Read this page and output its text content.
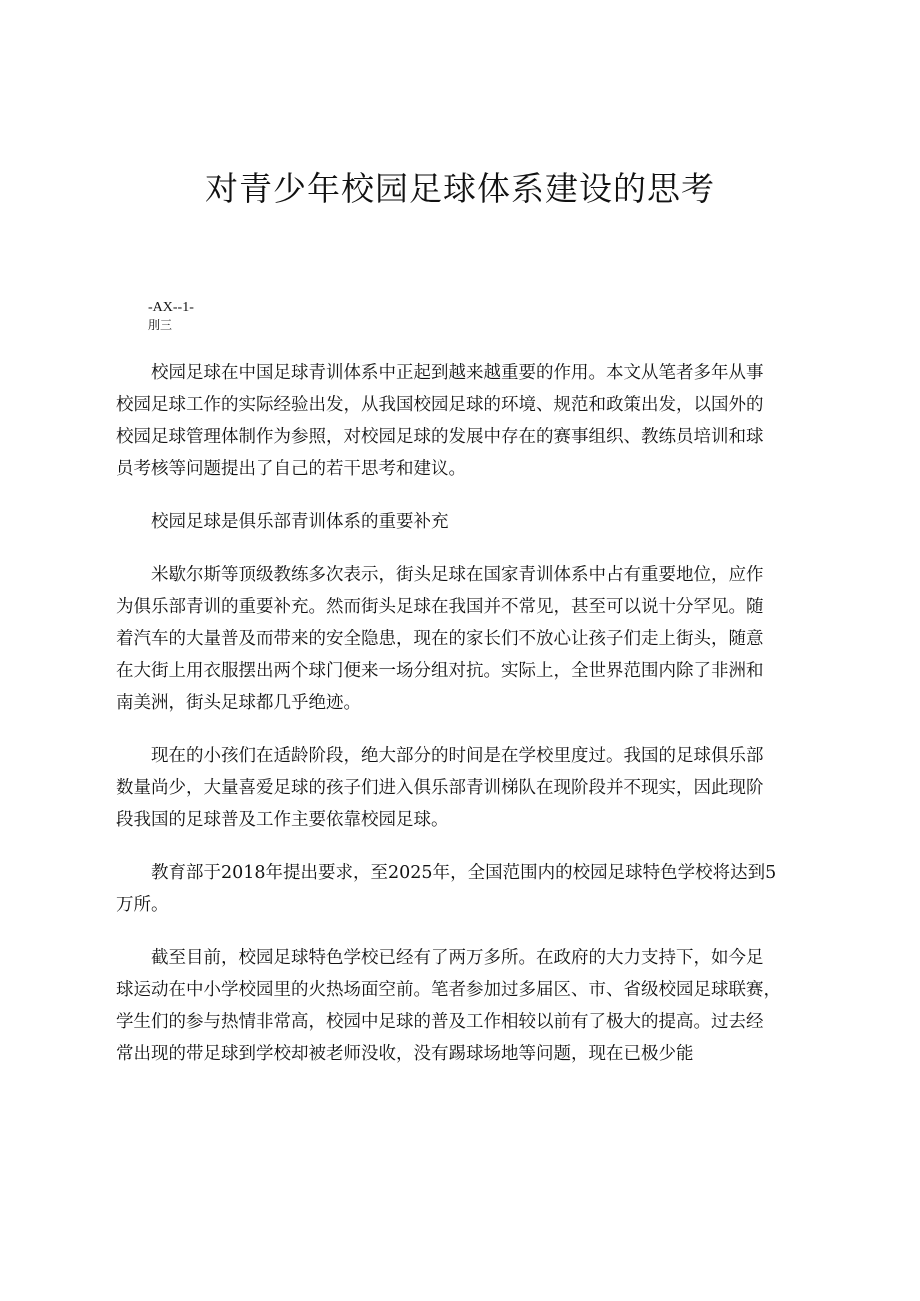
对青少年校园足球体系建设的思考
-AX--1-
刖三

校园足球在中国足球青训体系中正起到越来越重要的作用。本文从笔者多年从事
校园足球工作的实际经验出发，从我国校园足球的环境、规范和政策出发，以国外的
校园足球管理体制作为参照，对校园足球的发展中存在的赛事组织、教练员培训和球
员考核等问题提出了自己的若干思考和建议。

校园足球是俱乐部青训体系的重要补充

米歇尔斯等顶级教练多次表示，街头足球在国家青训体系中占有重要地位，应作
为俱乐部青训的重要补充。然而街头足球在我国并不常见，甚至可以说十分罕见。随
着汽车的大量普及而带来的安全隐患，现在的家长们不放心让孩子们走上街头，随意
在大街上用衣服摆出两个球门便来一场分组对抗。实际上，全世界范围内除了非洲和
南美洲，街头足球都几乎绝迹。

现在的小孩们在适龄阶段，绝大部分的时间是在学校里度过。我国的足球俱乐部
数量尚少，大量喜爱足球的孩子们进入俱乐部青训梯队在现阶段并不现实，因此现阶
段我国的足球普及工作主要依靠校园足球。

教育部于2018年提出要求，至2025年，全国范围内的校园足球特色学校将达到5
万所。

截至目前，校园足球特色学校已经有了两万多所。在政府的大力支持下，如今足
球运动在中小学校园里的火热场面空前。笔者参加过多届区、市、省级校园足球联赛，
学生们的参与热情非常高，校园中足球的普及工作相较以前有了极大的提高。过去经
常出现的带足球到学校却被老师没收，没有踢球场地等问题，现在已极少能
